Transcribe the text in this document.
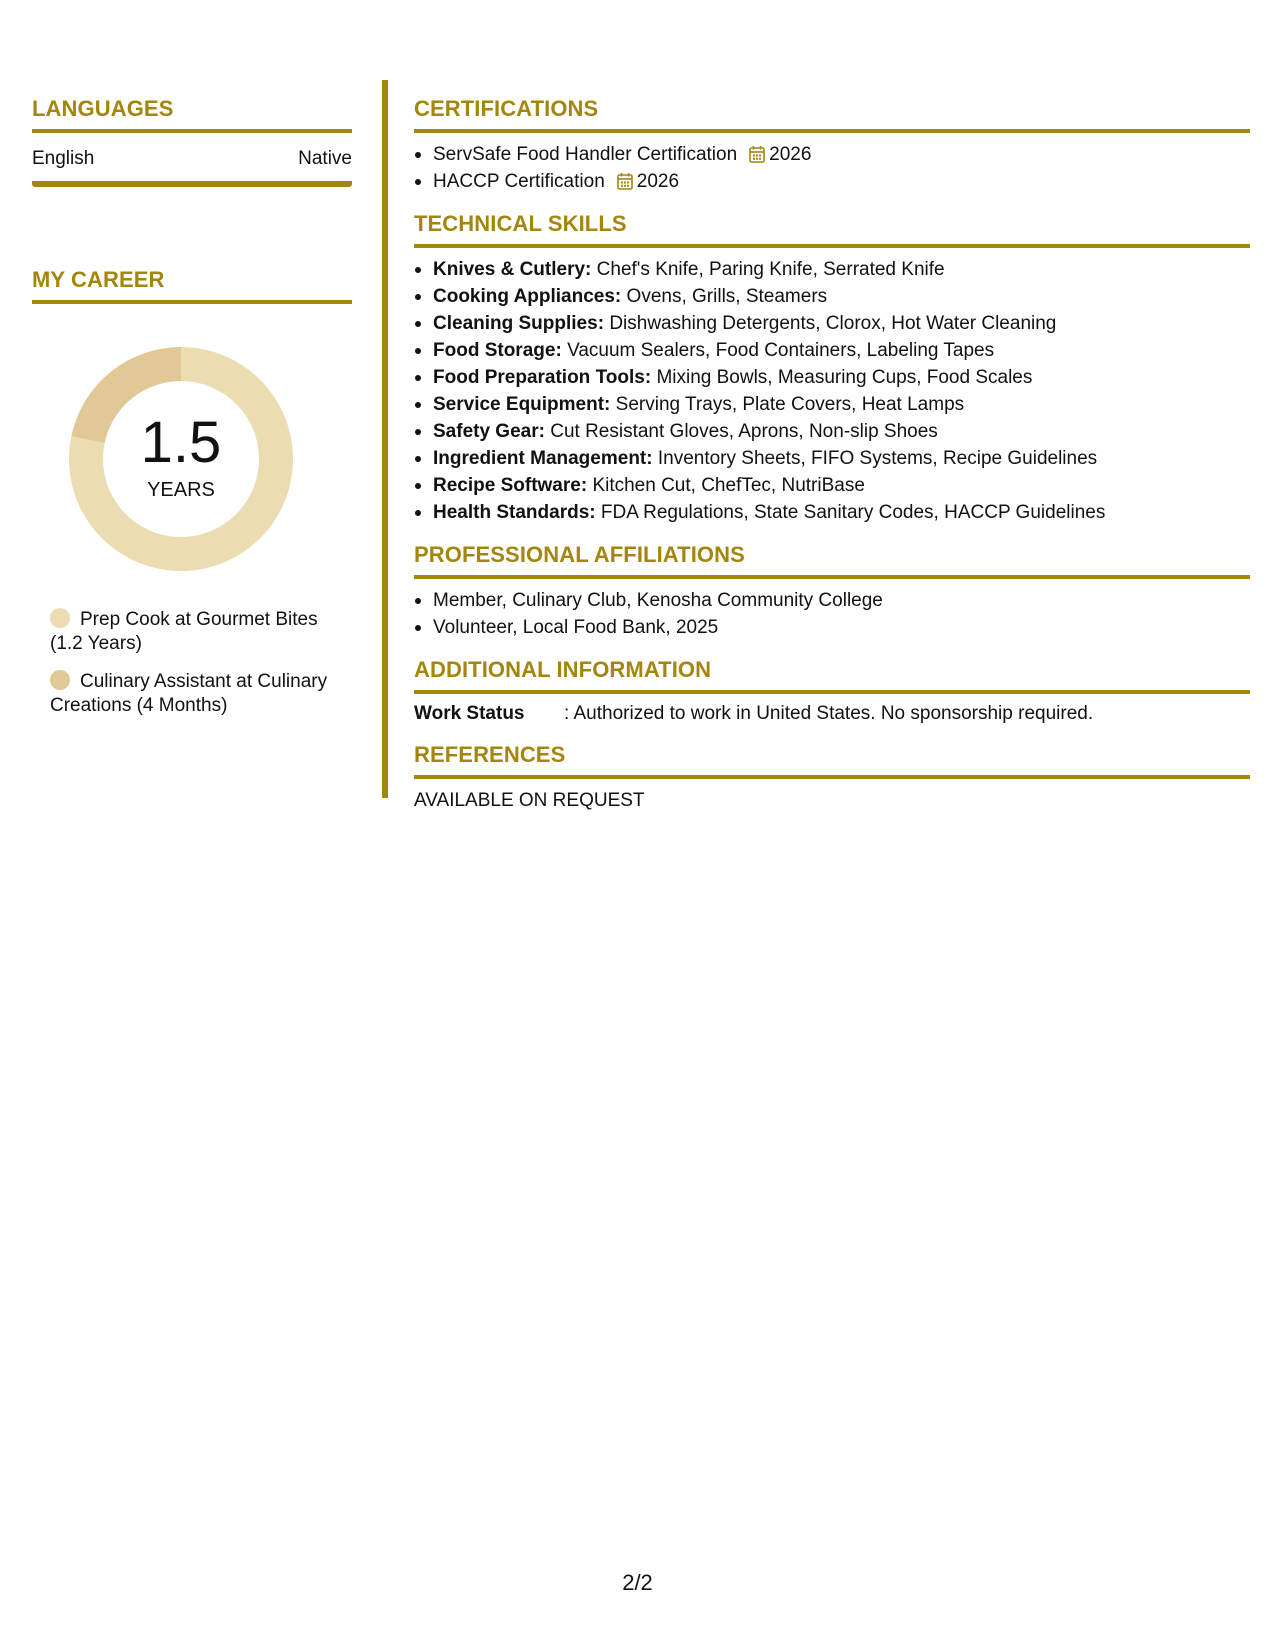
LANGUAGES
English	Native
MY CAREER
1.5
YEARS
Prep Cook at Gourmet Bites (1.2 Years)
Culinary Assistant at Culinary Creations (4 Months)
CERTIFICATIONS
ServSafe Food Handler Certification 2026
HACCP Certification 2026
TECHNICAL SKILLS
Knives & Cutlery: Chef's Knife, Paring Knife, Serrated Knife
Cooking Appliances: Ovens, Grills, Steamers
Cleaning Supplies: Dishwashing Detergents, Clorox, Hot Water Cleaning
Food Storage: Vacuum Sealers, Food Containers, Labeling Tapes
Food Preparation Tools: Mixing Bowls, Measuring Cups, Food Scales
Service Equipment: Serving Trays, Plate Covers, Heat Lamps
Safety Gear: Cut Resistant Gloves, Aprons, Non-slip Shoes
Ingredient Management: Inventory Sheets, FIFO Systems, Recipe Guidelines
Recipe Software: Kitchen Cut, ChefTec, NutriBase
Health Standards: FDA Regulations, State Sanitary Codes, HACCP Guidelines
PROFESSIONAL AFFILIATIONS
Member, Culinary Club, Kenosha Community College
Volunteer, Local Food Bank, 2025
ADDITIONAL INFORMATION
Work Status	: Authorized to work in United States. No sponsorship required.
REFERENCES
AVAILABLE ON REQUEST
2/2
